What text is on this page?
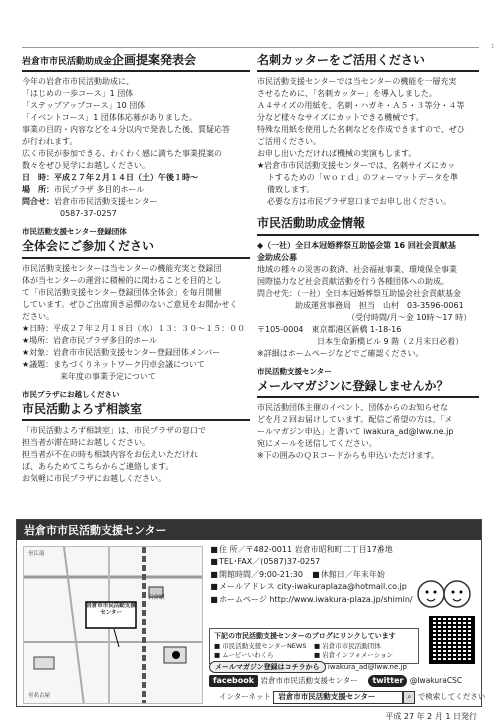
1
岩倉市市民活動助成金企画提案発表会
今年の岩倉市市民活動助成に、
「はじめの一歩コース」1 団体
「ステップアップコース」10 団体
「イベントコース」1 団体体応募がありました。
事業の目的・内容などを４分以内で発表した後、質疑応答
が行われます。
広く市民が参加できる、わくわく感に満ちた事業提案の
数々をぜひ見学にお越しください。
日　時：平成２７年２月１４日（土）午後１時～
場　所：市民プラザ 多目的ホール
問合せ：岩倉市市民活動支援センター
0587-37-0257
市民活動支援センター登録団体
全体会にご参加ください
市民活動支援センターは当センターの機能充実と登録団
体が当センターの運営に積極的に関わることを目的とし
て「市民活動支援センター登録団体全体会」を毎月開催
しています。ぜひご出席頂き忌憚のないご意見をお聞かせく
ださい。
★日時：平成２７年２月１８日（水）１３：３０～１５：００
★場所：岩倉市民プラザ多目的ホール
★対象：岩倉市市民活動支援センター登録団体メンバー
★議題：まちづくりネットワーク円卓会議について
来年度の事業予定について
市民プラザにお越しください
市民活動よろず相談室
「市民活動よろず相談室」は、市民プラザの窓口で
担当者が滞在時にお越しください。
担当者が不在の時も相談内容をお伝えいただけれ
ば、あらためてこちらからご連絡します。
お気軽に市民プラザにお越しください。
名刺カッターをご活用ください
市民活動支援センターでは当センターの機能を一層充実
させるために、「名刺カッター」を導入しました。
Ａ４サイズの用紙を、名刺・ハガキ・Ａ５・３等分・４等
分など様々なサイズにカットできる機械です。
特殊な用紙を使用した名刺などを作成できますので、ぜひ
ご活用ください。
お申し出いただければ機械の実演もします。
★岩倉市市民活動支援センターでは、名刺サイズにカッ
トするための「ｗｏｒｄ」のフォーマットデータを準
備致します。
必要な方は市民プラザ窓口までお申し出ください。
市民活動助成金情報
◆（一社）全日本冠婚葬祭互助協会第 16 回社会貢献基
金助成公募
地域の種々の災害の救済、社会福祉事業、環境保全事業
国際協力など社会貢献活動を行う各種団体への助成。
問合せ先：（一社）全日本冠婚葬祭互助協会社会貢献基金
助成運営事務局　担当　山村　03-3596-0061
（受付時間/月～金 10時～17 時）
〒105-0004　東京都港区新橋 1-18-16
日本生命新橋ビル 9 階（２月末日必着）
※詳細はホームページなどでご確認ください。
市民活動支援センター
メールマガジンに登録しませんか？
市民活動団体主催のイベント、団体からのお知らせな
どを月２回お届けしています。配信ご希望の方は、「メ
ールマガジン申込」と書いて iwakura_ad@lww.ne.jp
宛にメールを送信してください。
※下の囲みのＱＲコードからも申込いただけます。
岩倉市市民活動支援センター
岩倉市市民活動支援センター
岩倉駅
至江南
至名古屋
■住 所／〒482-0011 岩倉市昭和町二丁目17番地
■TEL･FAX／(0587)37-0257
■開館時間／9:00-21:30　 ■休館日／年末年始
■メールアドレス city-iwakuraplaza@hotmail.co.jp
■ホームページ http://www.iwakura-plaza.jp/shimin/
下記の市民活動支援センターのブログにリンクしています
■ 市民活動支援センターNEWS	■ 岩倉市市民活動団体
■ ムービーいわくら	■ 岩倉インフォメーション
メールマガジン登録はコチラから iwakura_ad@lww.ne.jp
facebook 岩倉市市民活動支援センター twitter @IwakuraCSC
インターネット 岩倉市市民活動支援センター	⌕ で検索してください
平成 27 年 2 月 1 日発行
